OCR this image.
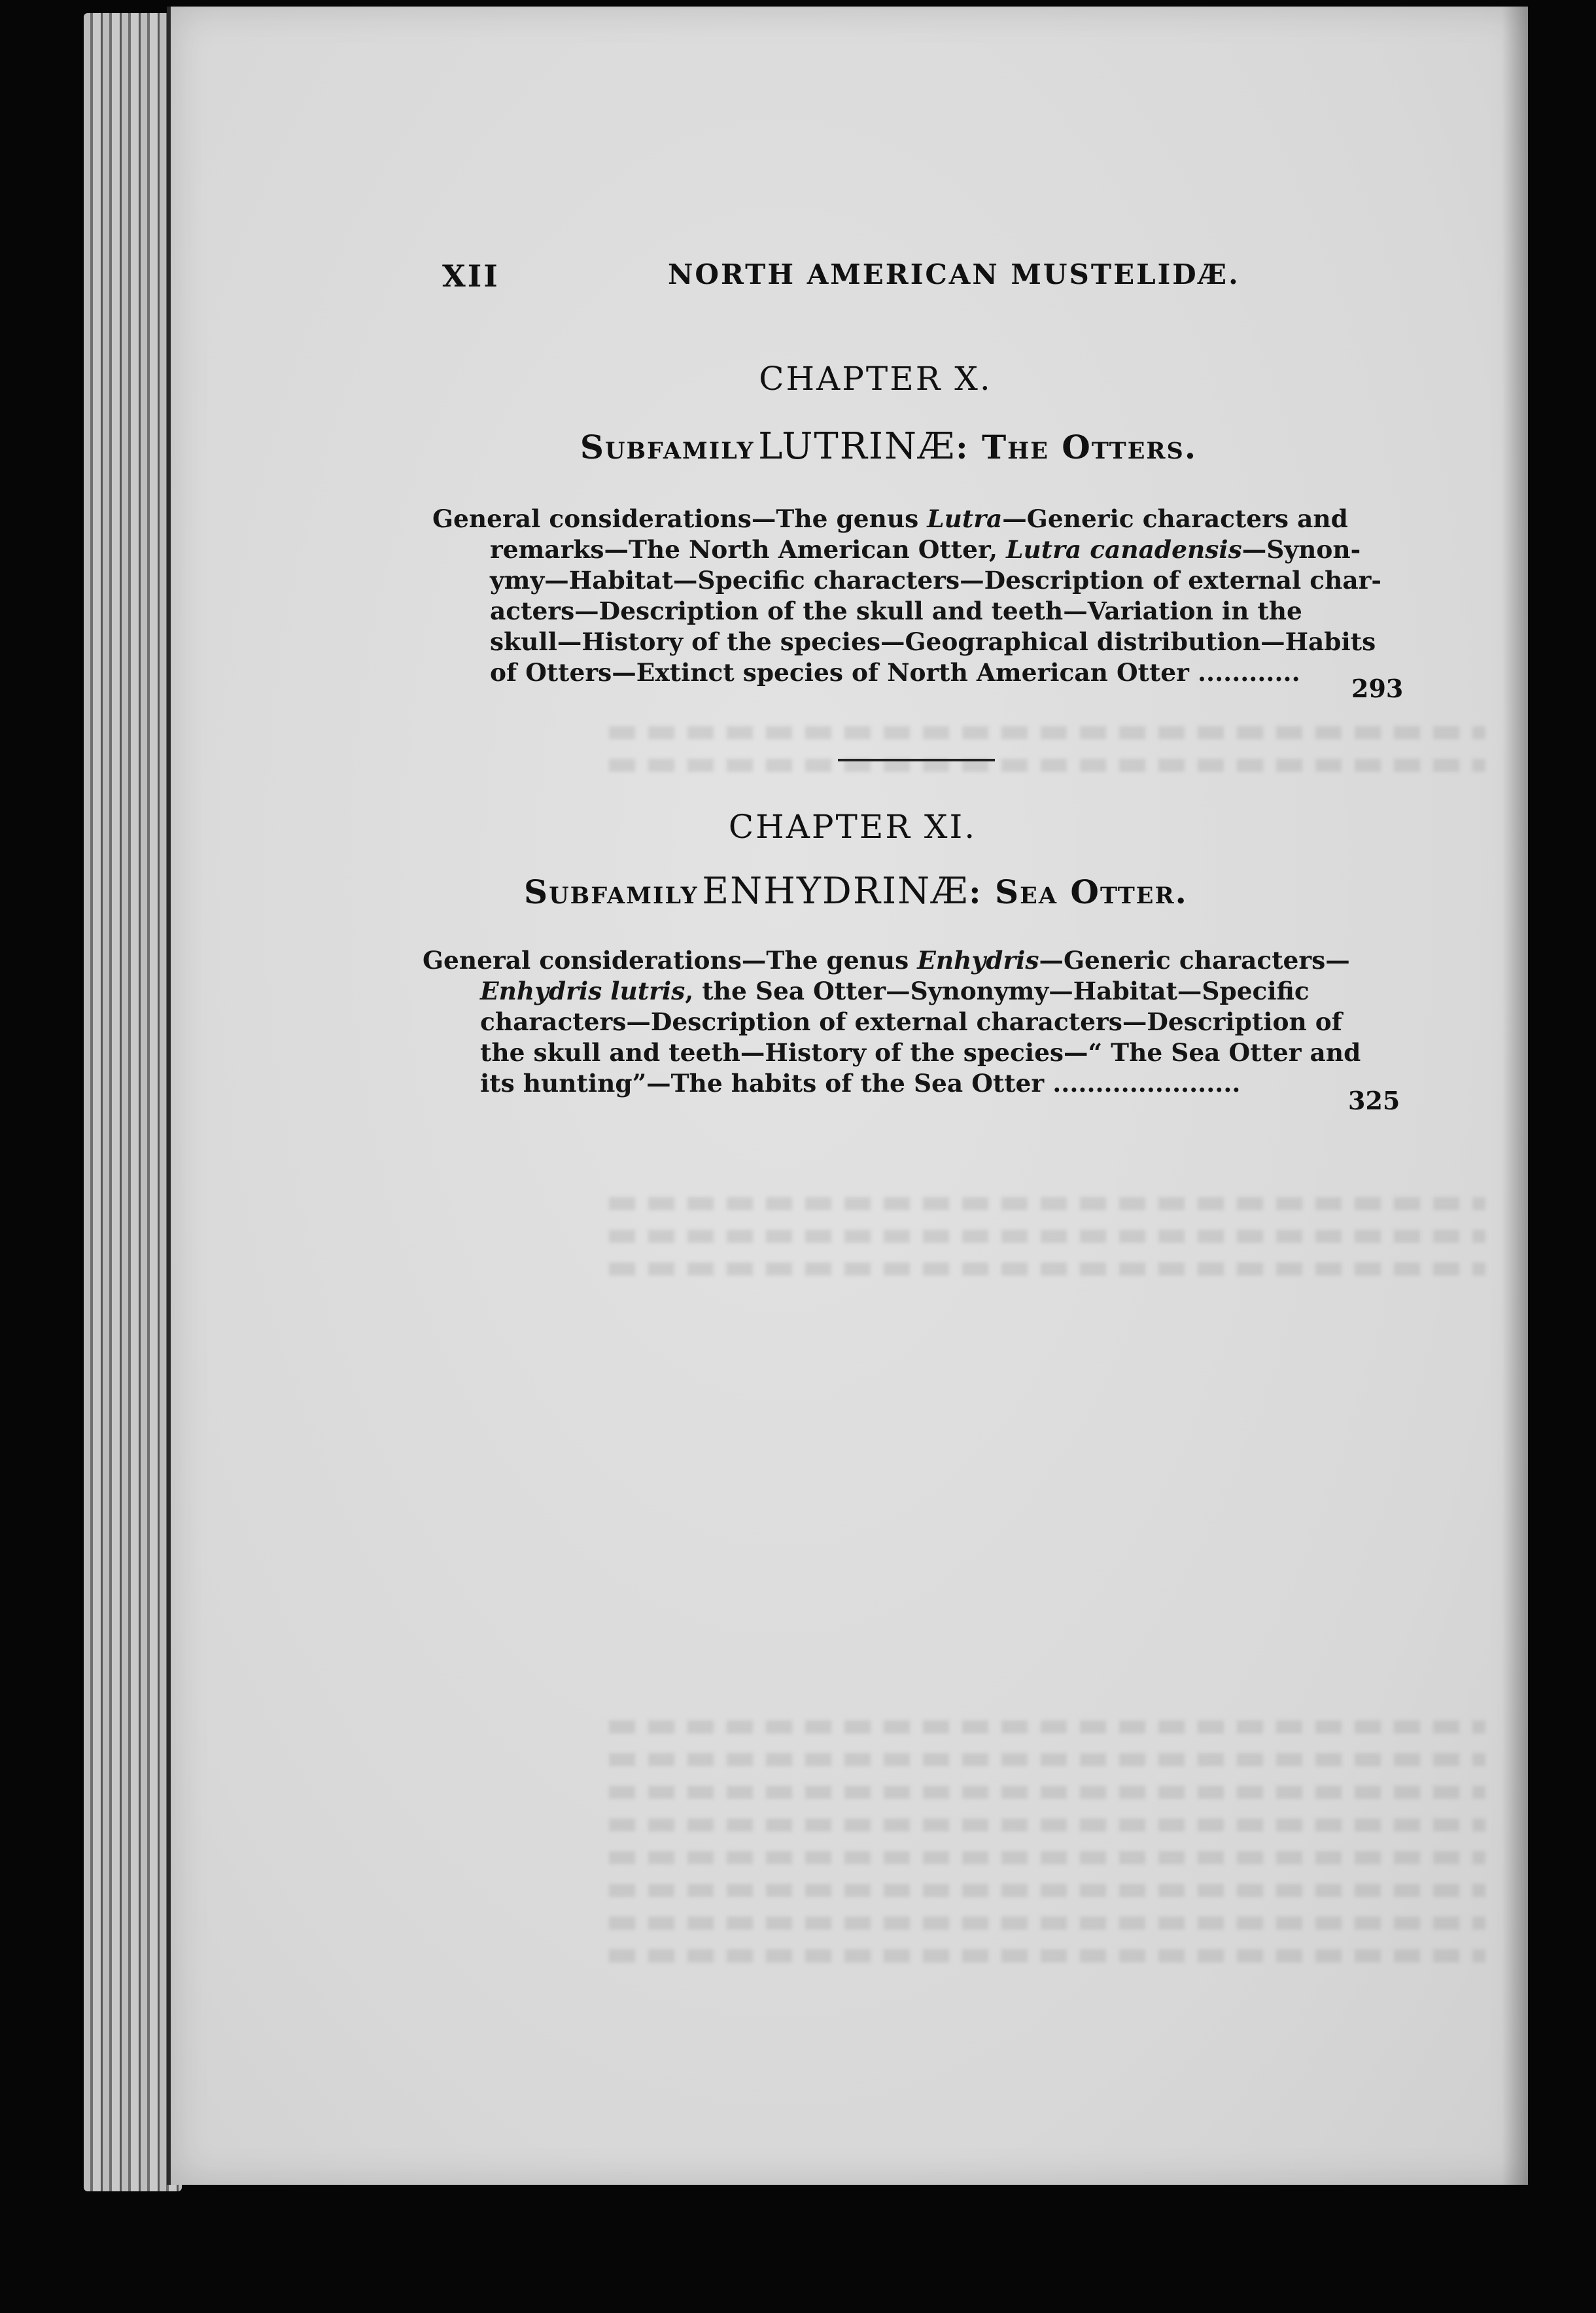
XII	NORTH AMERICAN MUSTELIDÆ.
CHAPTER X.
Subfamily LUTRINÆ: The Otters.
General considerations—The genus Lutra—Generic characters and
remarks—The North American Otter, Lutra canadensis—Synon-
ymy—Habitat—Specific characters—Description of external char-
acters—Description of the skull and teeth—Variation in the
skull—History of the species—Geographical distribution—Habits
of Otters—Extinct species of North American Otter ............
293
CHAPTER XI.
Subfamily ENHYDRINÆ: Sea Otter.
General considerations—The genus Enhydris—Generic characters—
Enhydris lutris, the Sea Otter—Synonymy—Habitat—Specific
characters—Description of external characters—Description of
the skull and teeth—History of the species—“ The Sea Otter and
its hunting”—The habits of the Sea Otter ......................
325
